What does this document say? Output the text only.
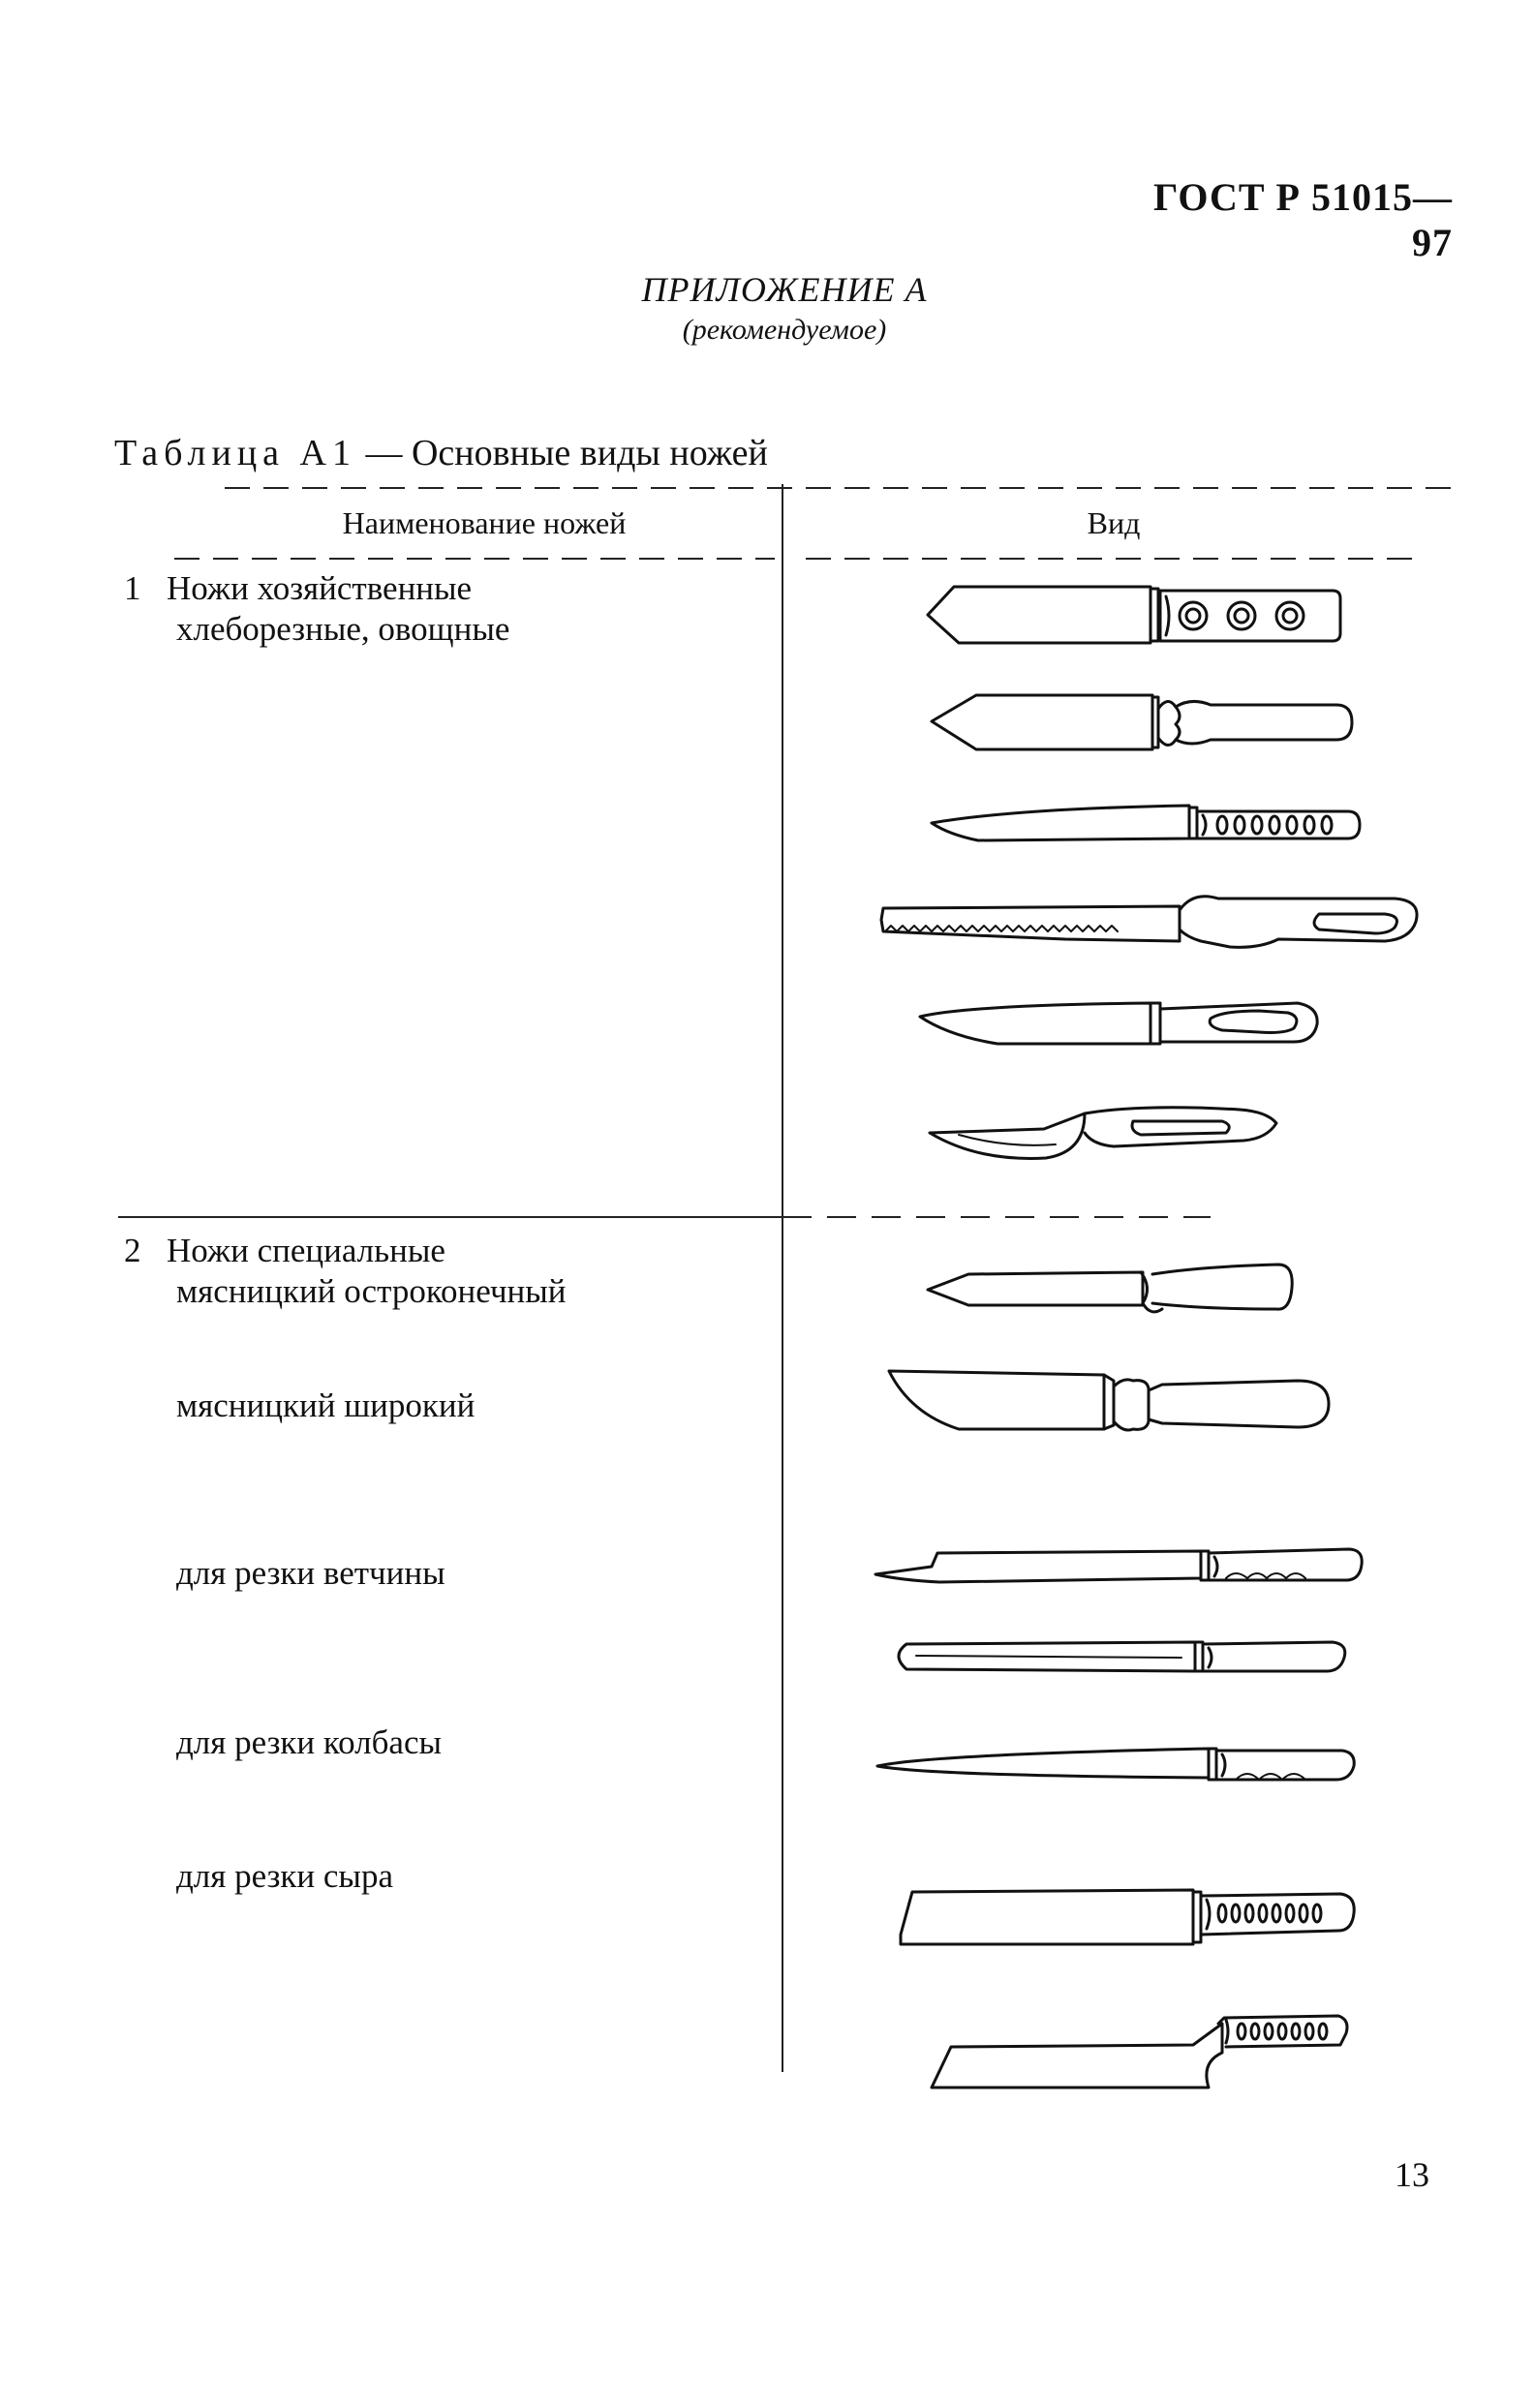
ГОСТ Р 51015—97
ПРИЛОЖЕНИЕ А
(рекомендуемое)
Таблица А1 — Основные виды ножей
Наименование ножей	Вид
1 Ножи хозяйственные
хлеборезные, овощные
2 Ножи специальные
мясницкий остроконечный
мясницкий широкий
для резки ветчины
для резки колбасы
для резки сыра
13
